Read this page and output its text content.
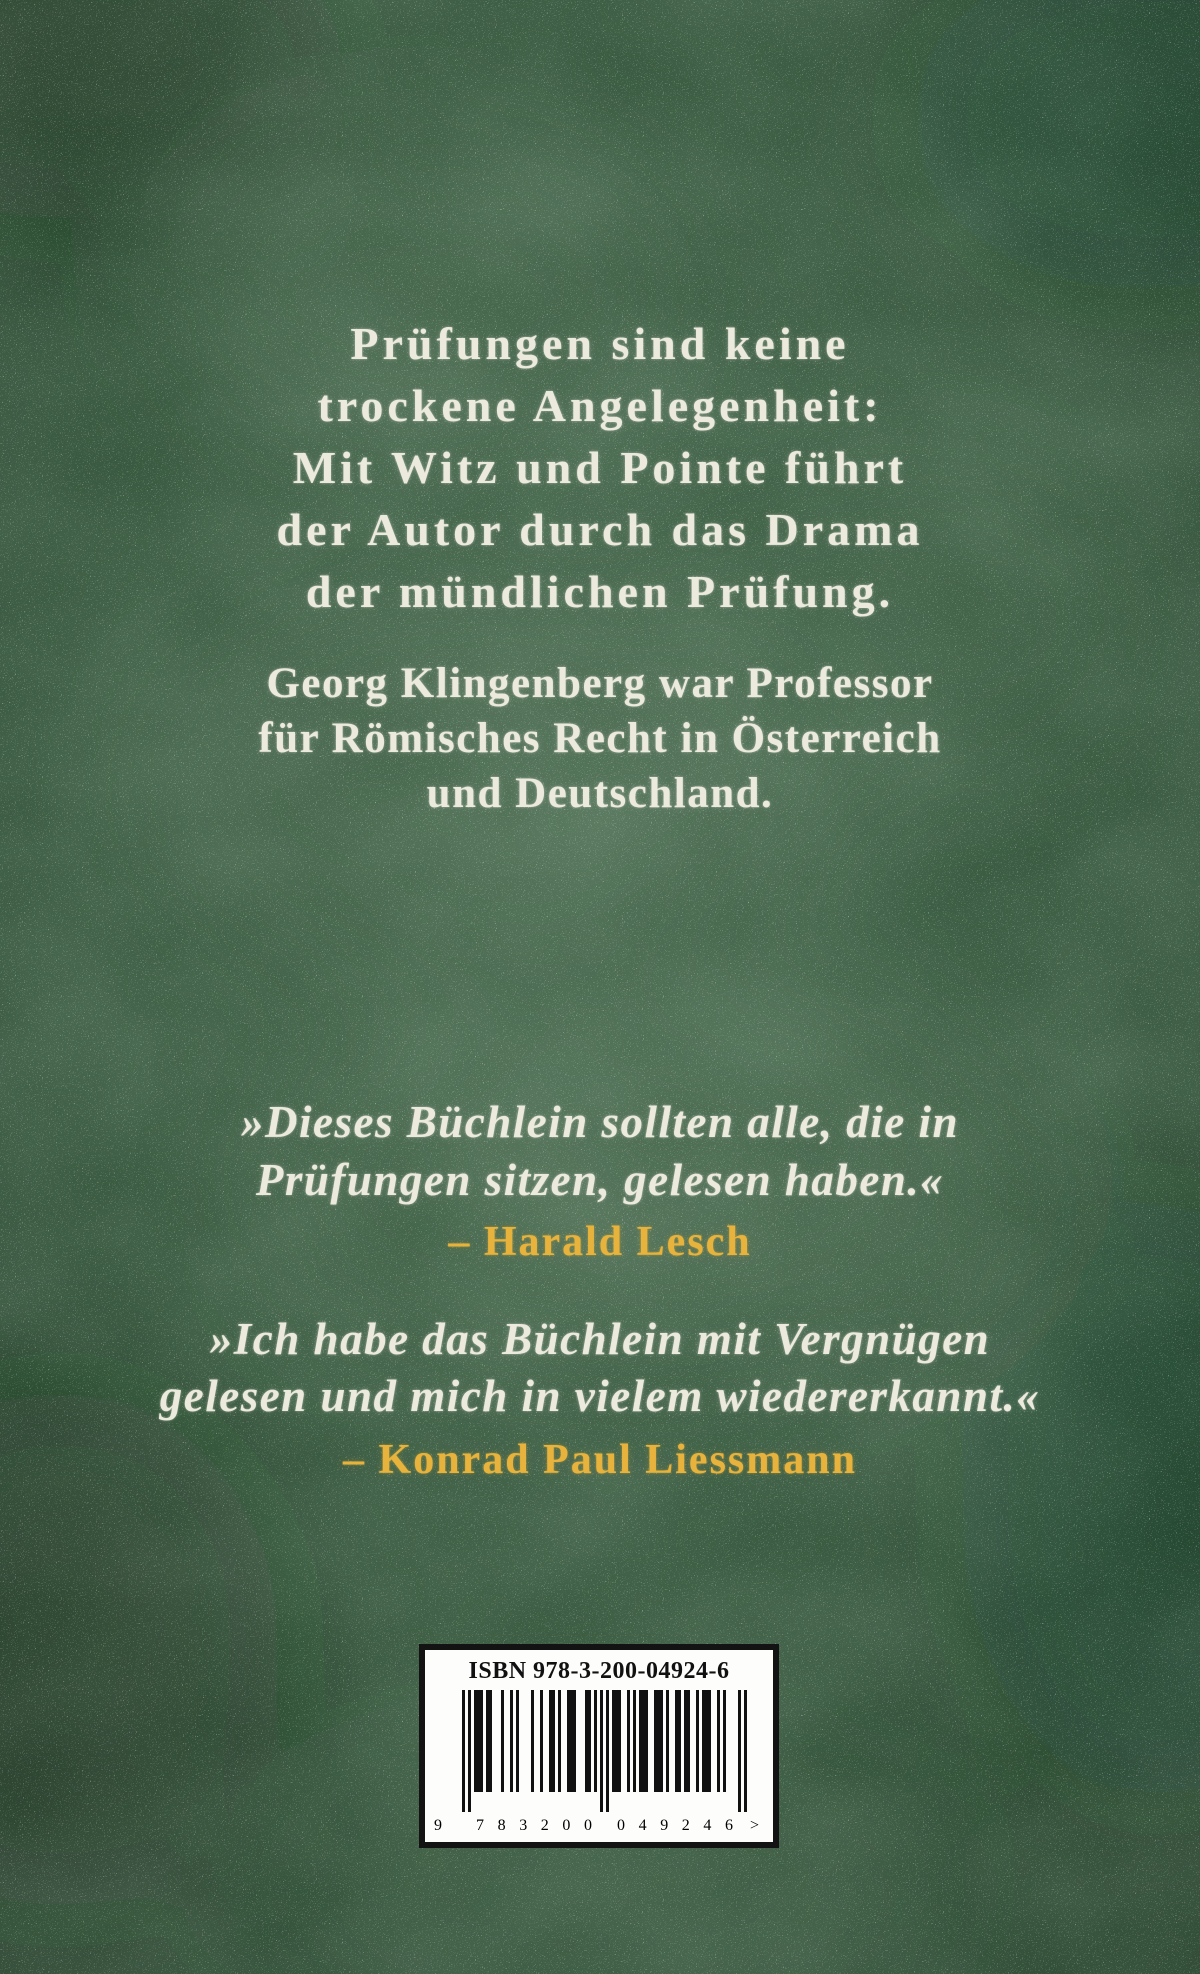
Prüfungen sind keine
trockene Angelegenheit:
Mit Witz und Pointe führt
der Autor durch das Drama
der mündlichen Prüfung.
Georg Klingenberg war Professor
für Römisches Recht in Österreich
und Deutschland.
»Dieses Büchlein sollten alle, die in
Prüfungen sitzen, gelesen haben.«
– Harald Lesch
»Ich habe das Büchlein mit Vergnügen
gelesen und mich in vielem wiedererkannt.«
– Konrad Paul Liessmann
ISBN 978-3-200-04924-6
9 783200 049246 >
